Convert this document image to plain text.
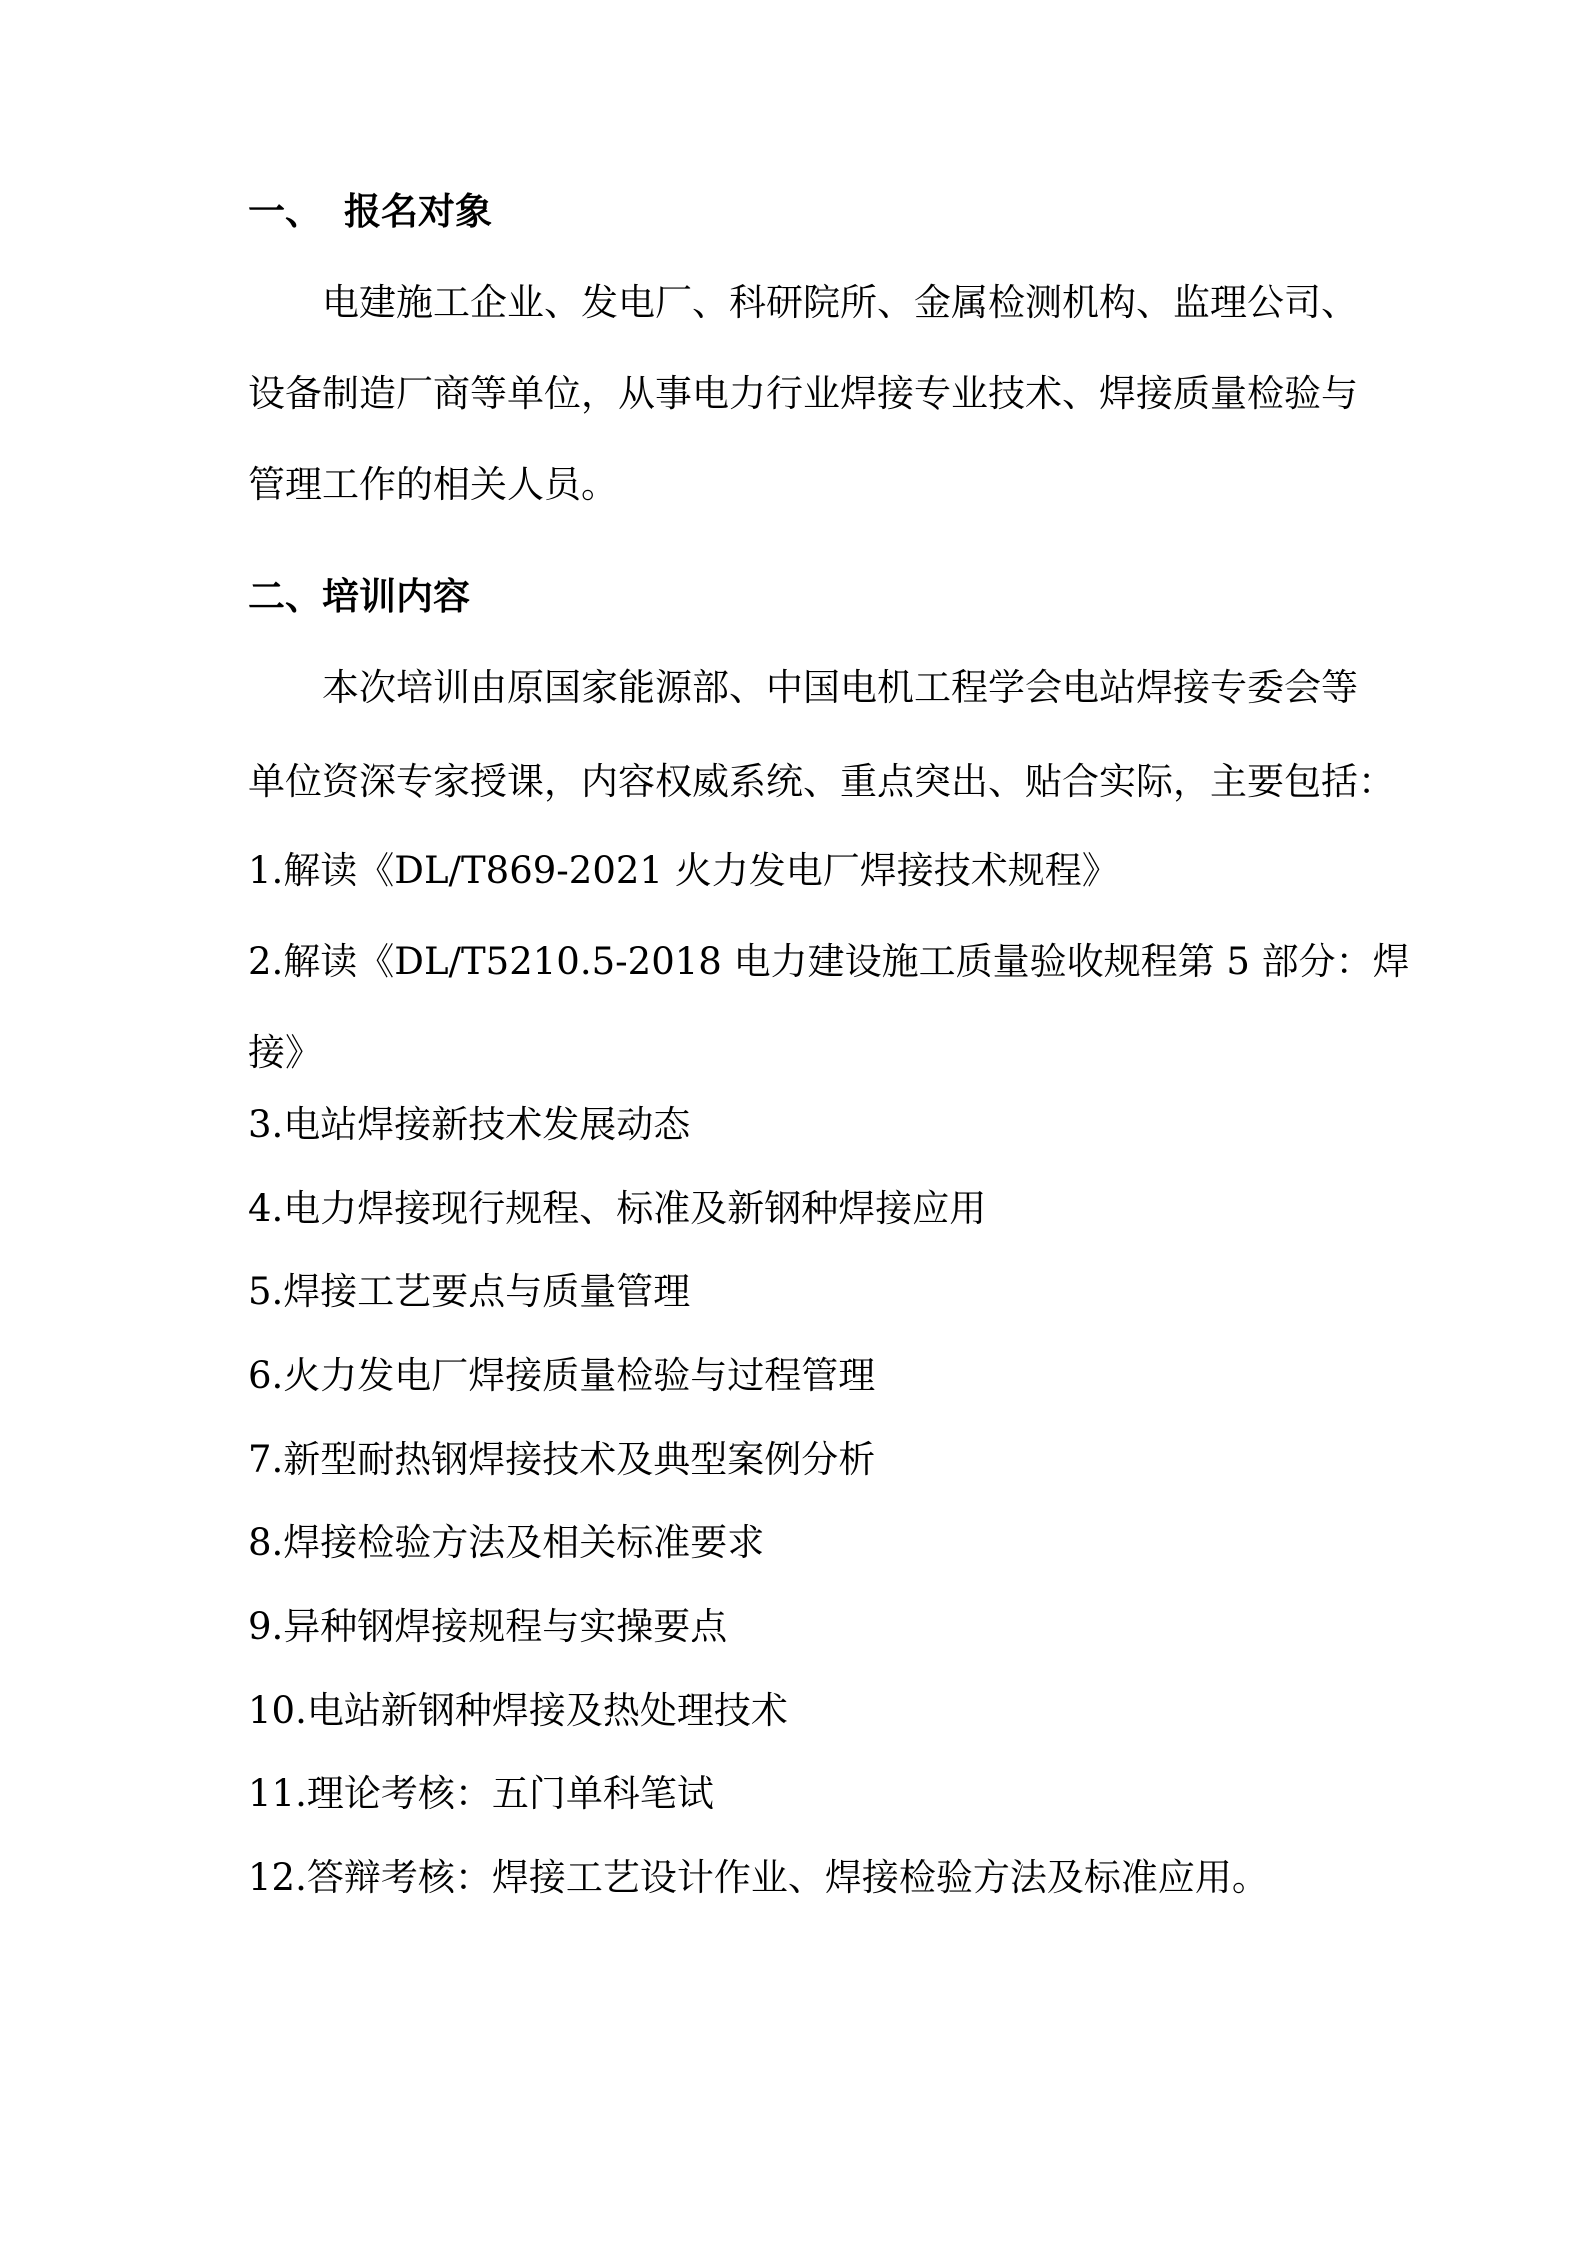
一、 报名对象
电建施工企业、发电厂、科研院所、金属检测机构、监理公司、
设备制造厂商等单位，从事电力行业焊接专业技术、焊接质量检验与
管理工作的相关人员。
二、培训内容
本次培训由原国家能源部、中国电机工程学会电站焊接专委会等
单位资深专家授课，内容权威系统、重点突出、贴合实际，主要包括：
1.解读《DL/T869-2021 火力发电厂焊接技术规程》
2.解读《DL/T5210.5-2018 电力建设施工质量验收规程第 5 部分：焊
接》
3.电站焊接新技术发展动态
4.电力焊接现行规程、标准及新钢种焊接应用
5.焊接工艺要点与质量管理
6.火力发电厂焊接质量检验与过程管理
7.新型耐热钢焊接技术及典型案例分析
8.焊接检验方法及相关标准要求
9.异种钢焊接规程与实操要点
10.电站新钢种焊接及热处理技术
11.理论考核：五门单科笔试
12.答辩考核：焊接工艺设计作业、焊接检验方法及标准应用。
